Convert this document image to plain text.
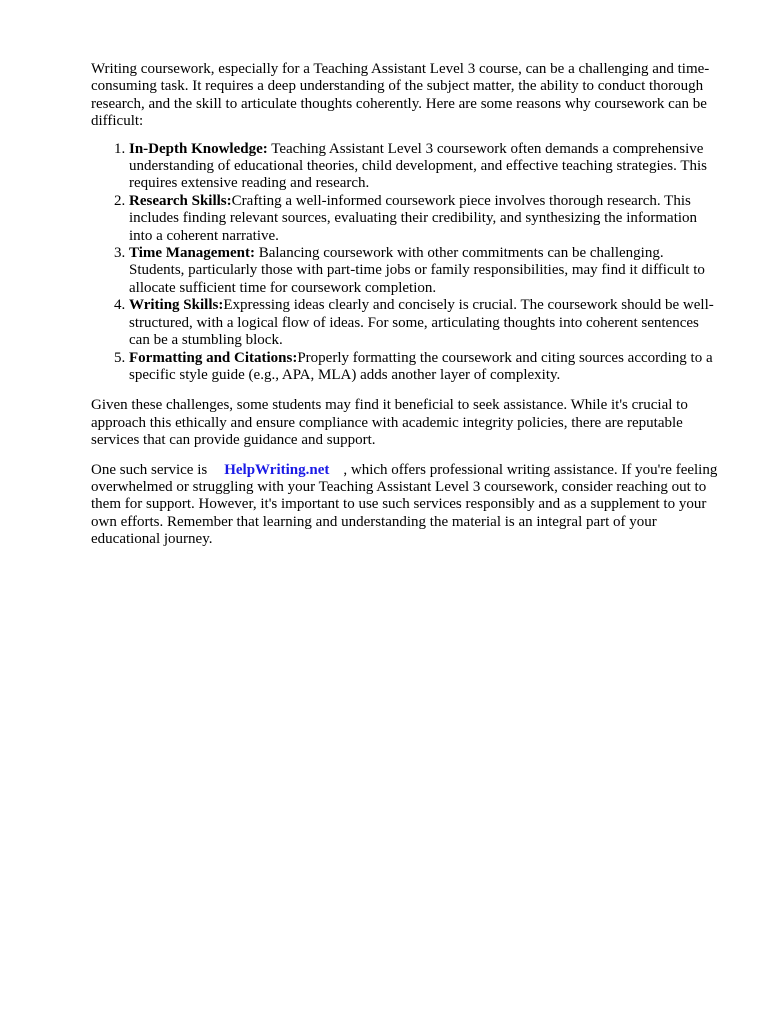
Writing coursework, especially for a Teaching Assistant Level 3 course, can be a challenging and time-consuming task. It requires a deep understanding of the subject matter, the ability to conduct thorough research, and the skill to articulate thoughts coherently. Here are some reasons why coursework can be difficult:

1. In-Depth Knowledge: Teaching Assistant Level 3 coursework often demands a comprehensive understanding of educational theories, child development, and effective teaching strategies. This requires extensive reading and research.
2. Research Skills:Crafting a well-informed coursework piece involves thorough research. This includes finding relevant sources, evaluating their credibility, and synthesizing the information into a coherent narrative.
3. Time Management: Balancing coursework with other commitments can be challenging. Students, particularly those with part-time jobs or family responsibilities, may find it difficult to allocate sufficient time for coursework completion.
4. Writing Skills:Expressing ideas clearly and concisely is crucial. The coursework should be well-structured, with a logical flow of ideas. For some, articulating thoughts into coherent sentences can be a stumbling block.
5. Formatting and Citations:Properly formatting the coursework and citing sources according to a specific style guide (e.g., APA, MLA) adds another layer of complexity.

Given these challenges, some students may find it beneficial to seek assistance. While it's crucial to approach this ethically and ensure compliance with academic integrity policies, there are reputable services that can provide guidance and support.

One such service is HelpWriting.net , which offers professional writing assistance. If you're feeling overwhelmed or struggling with your Teaching Assistant Level 3 coursework, consider reaching out to them for support. However, it's important to use such services responsibly and as a supplement to your own efforts. Remember that learning and understanding the material is an integral part of your educational journey.
